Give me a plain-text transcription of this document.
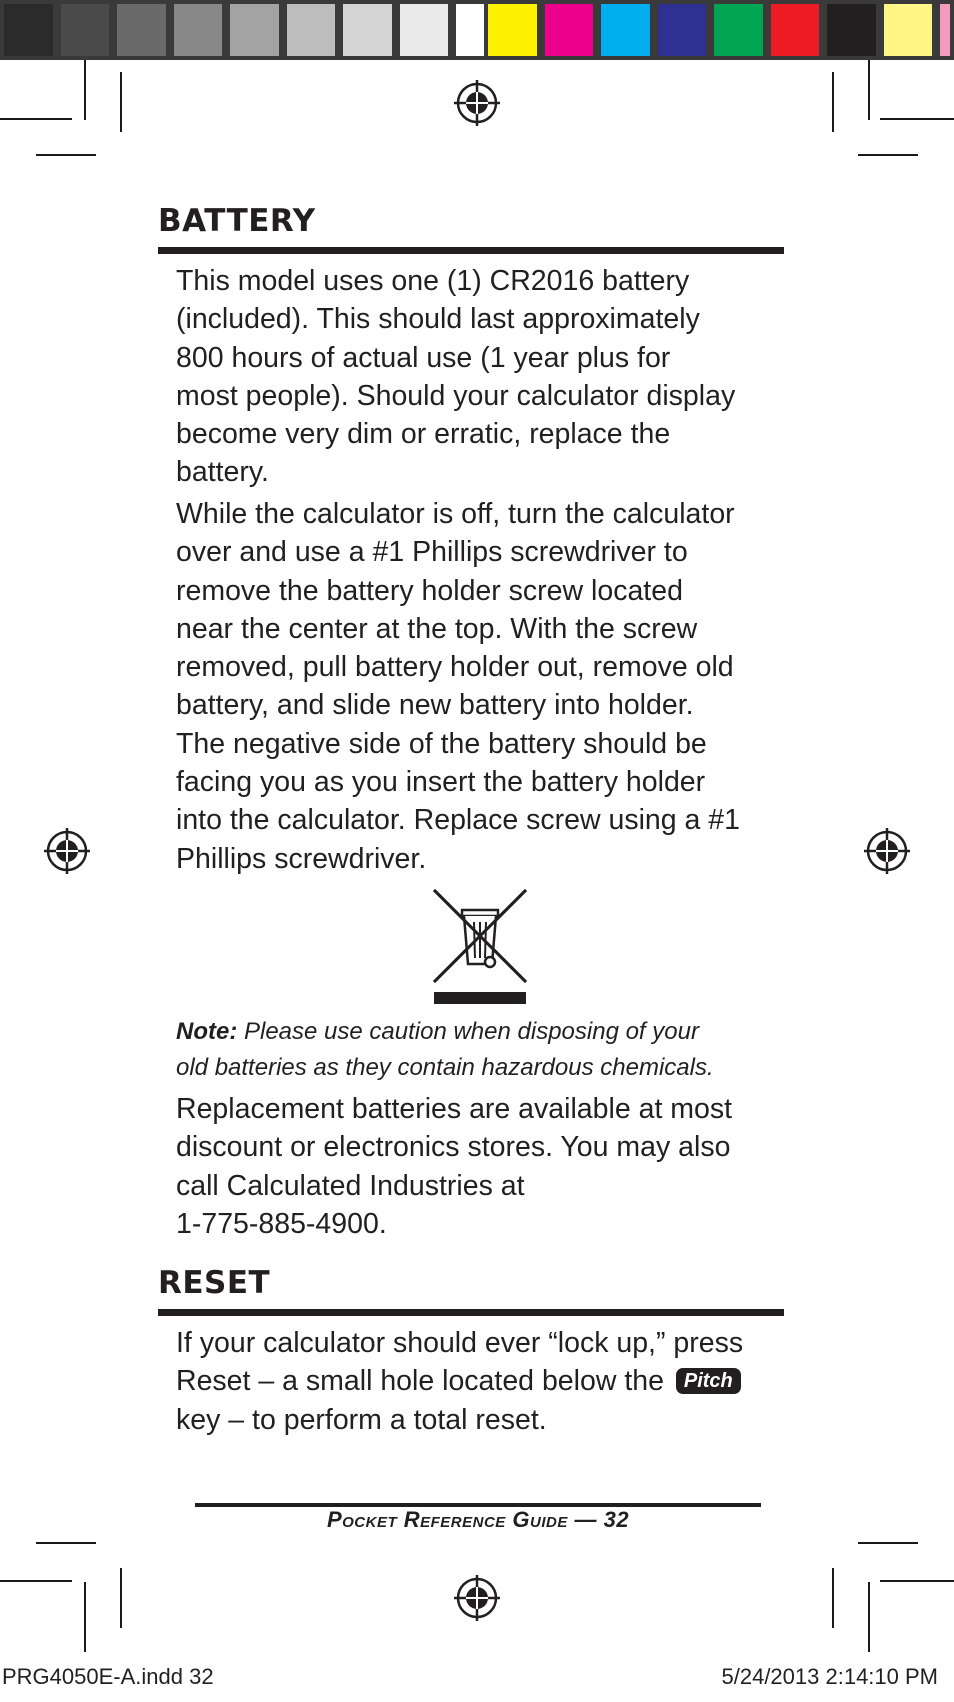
BATTERY

This model uses one (1) CR2016 battery
(included). This should last approximately
800 hours of actual use (1 year plus for
most people). Should your calculator display
become very dim or erratic, replace the
battery.

While the calculator is off, turn the calculator
over and use a #1 Phillips screwdriver to
remove the battery holder screw located
near the center at the top. With the screw
removed, pull battery holder out, remove old
battery, and slide new battery into holder.
The negative side of the battery should be
facing you as you insert the battery holder
into the calculator. Replace screw using a #1
Phillips screwdriver.

Note: Please use caution when disposing of your
old batteries as they contain hazardous chemicals.

Replacement batteries are available at most
discount or electronics stores. You may also
call Calculated Industries at
1-775-885-4900.

RESET

If your calculator should ever “lock up,” press
Reset – a small hole located below the Pitch
key – to perform a total reset.

Pocket Reference Guide — 32
PRG4050E-A.indd 32	5/24/2013 2:14:10 PM
